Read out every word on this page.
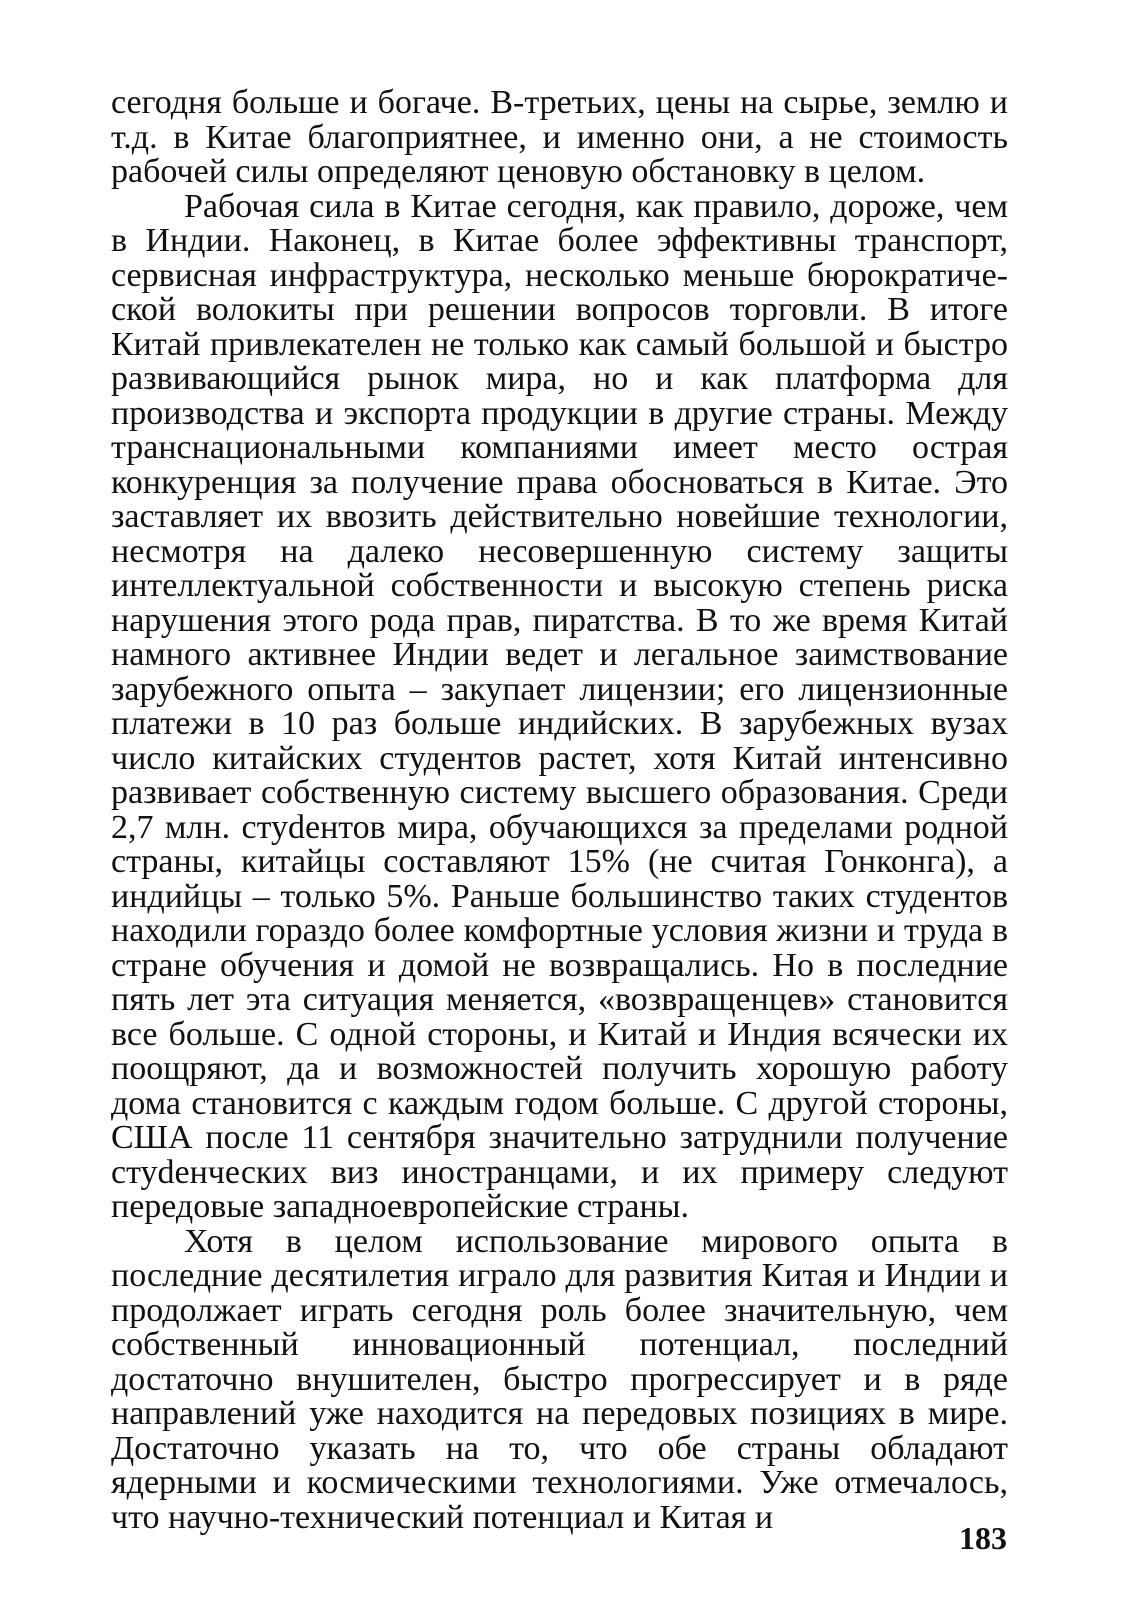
сегодня больше и богаче. В-третьих, цены на сырье, землю и т.д. в Китае благоприятнее, и именно они, а не стоимость рабочей силы определяют ценовую обстановку в целом.

Рабочая сила в Китае сегодня, как правило, дороже, чем в Индии. Наконец, в Китае более эффективны транспорт, сервисная инфраструктура, несколько меньше бюрократической волокиты при решении вопросов торговли. В итоге Китай привлекателен не только как самый большой и быстро развивающийся рынок мира, но и как платформа для производства и экспорта продукции в другие страны. Между транснациональными компаниями имеет место острая конкуренция за получение права обосноваться в Китае. Это заставляет их ввозить действительно новейшие технологии, несмотря на далеко несовершенную систему защиты интеллектуальной собственности и высокую степень риска нарушения этого рода прав, пиратства. В то же время Китай намного активнее Индии ведет и легальное заимствование зарубежного опыта – закупает лицензии; его лицензионные платежи в 10 раз больше индийских. В зарубежных вузах число китайских студентов растет, хотя Китай интенсивно развивает собственную систему высшего образования. Среди 2,7 млн. стуdентов мира, обучающихся за пределами родной страны, китайцы составляют 15% (не считая Гонконга), а индийцы – только 5%. Раньше большинство таких студентов находили гораздо более комфортные условия жизни и труда в стране обучения и домой не возвращались. Но в последние пять лет эта ситуация меняется, «возвращенцев» становится все больше. С одной стороны, и Китай и Индия всячески их поощряют, да и возможностей получить хорошую работу дома становится с каждым годом больше. С другой стороны, США после 11 сентября значительно затруднили получение стуdенческих виз иностранцами, и их примеру следуют передовые западноевропейские страны.

Хотя в целом использование мирового опыта в последние десятилетия играло для развития Китая и Индии и продолжает играть сегодня роль более значительную, чем собственный инновационный потенциал, последний достаточно внушителен, быстро прогрессирует и в ряде направлений уже находится на передовых позициях в мире. Достаточно указать на то, что обе страны обладают ядерными и космическими технологиями. Уже отмечалось, что научно-технический потенциал и Китая и

183
